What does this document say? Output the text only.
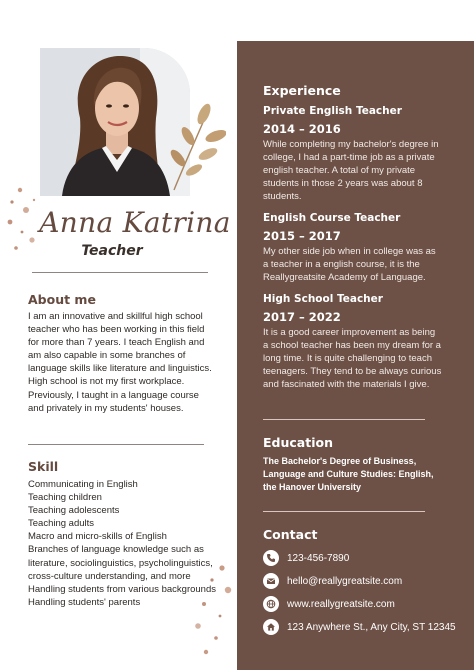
Anna Katrina
Teacher
About me

I am an innovative and skillful high school teacher who has been working in this field for more than 7 years. I teach English and am also capable in some branches of language skills like literature and linguistics. High school is not my first workplace. Previously, I taught in a language course and privately in my students' houses.

Skill
Communicating in English
Teaching children
Teaching adolescents
Teaching adults
Macro and micro-skills of English
Branches of language knowledge such as literature, sociolinguistics, psycholinguistics, cross-culture understanding, and more
Handling students from various backgrounds
Handling students' parents
Experience
Private English Teacher
2014 – 2016

While completing my bachelor's degree in college, I had a part-time job as a private english teacher. A total of my private students in those 2 years was about 8 students.

English Course Teacher
2015 – 2017

My other side job when in college was as a teacher in a english course, it is the Reallygreatsite Academy of Language.

High School Teacher
2017 – 2022

It is a good career improvement as being a school teacher has been my dream for a long time. It is quite challenging to teach teenagers. They tend to be always curious and fascinated with the materials I give.

Education

The Bachelor's Degree of Business, Language and Culture Studies: English, the Hanover University

Contact
123-456-7890
hello@reallygreatsite.com
www.reallygreatsite.com
123 Anywhere St., Any City, ST 12345
